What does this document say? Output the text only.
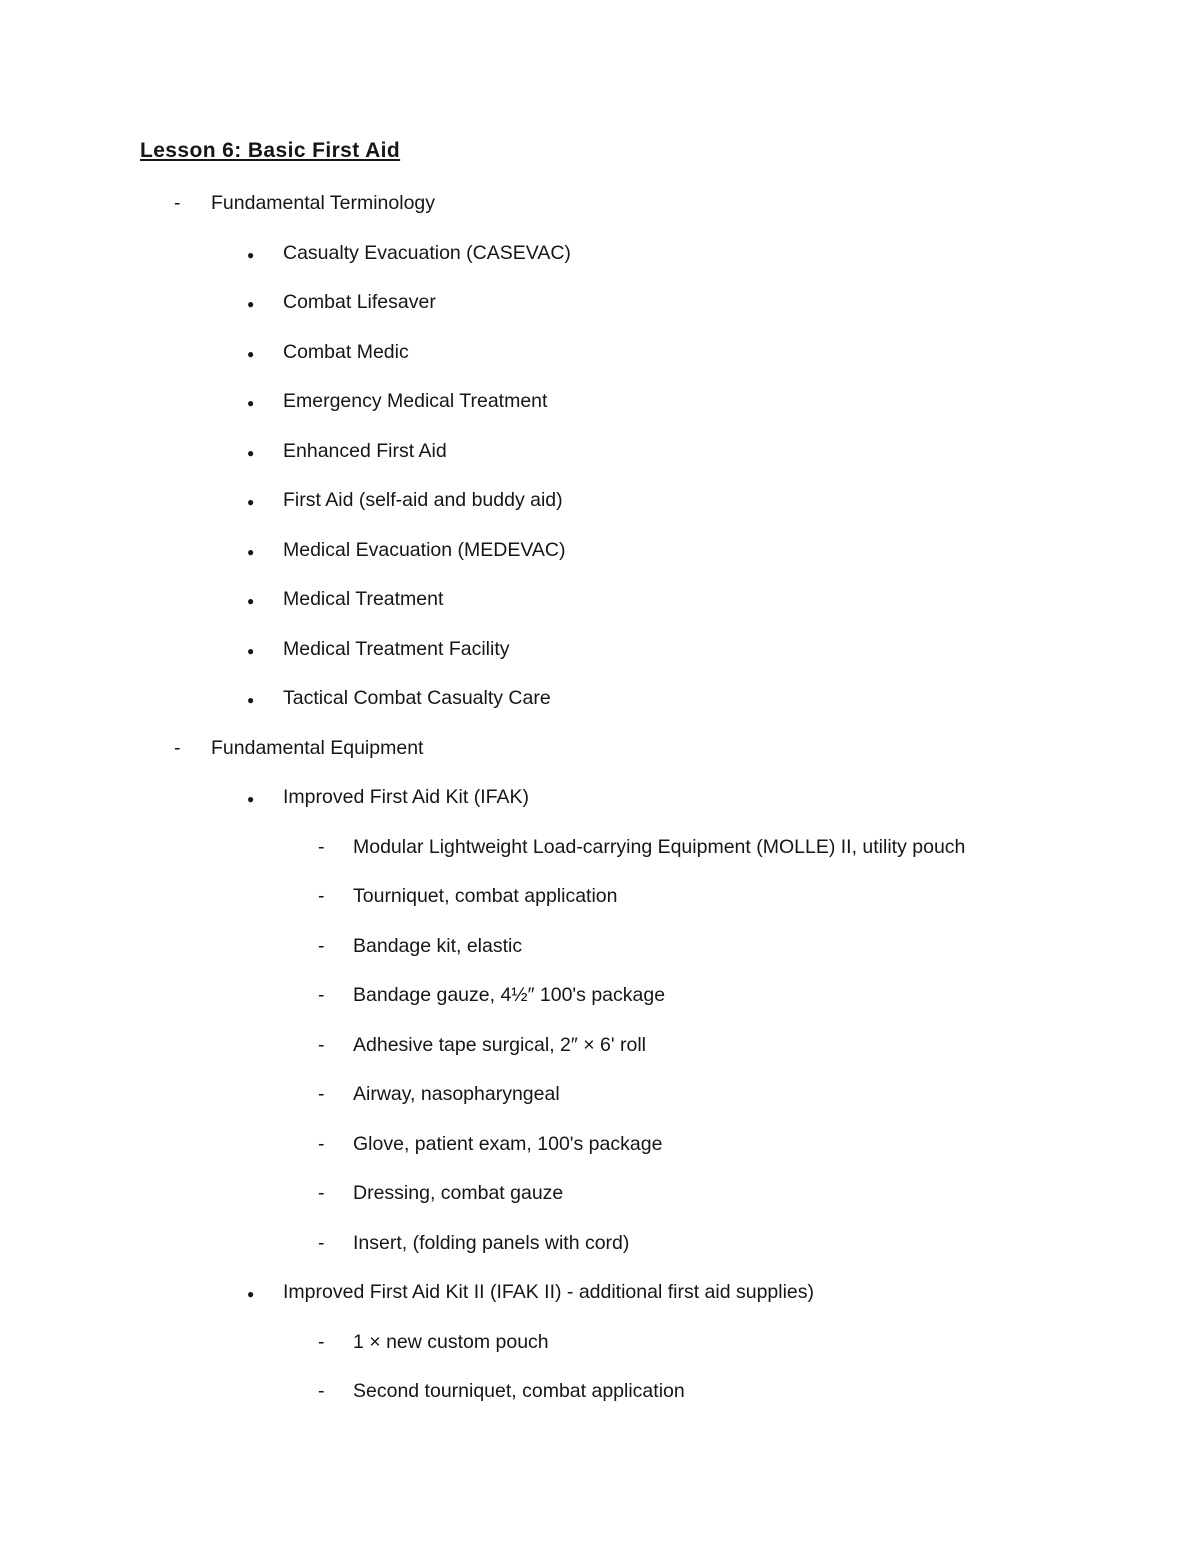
Lesson 6: Basic First Aid
-	Fundamental Terminology
●	Casualty Evacuation (CASEVAC)
●	Combat Lifesaver
●	Combat Medic
●	Emergency Medical Treatment
●	Enhanced First Aid
●	First Aid (self-aid and buddy aid)
●	Medical Evacuation (MEDEVAC)
●	Medical Treatment
●	Medical Treatment Facility
●	Tactical Combat Casualty Care
-	Fundamental Equipment
●	Improved First Aid Kit (IFAK)
-	Modular Lightweight Load-carrying Equipment (MOLLE) II, utility pouch
-	Tourniquet, combat application
-	Bandage kit, elastic
-	Bandage gauze, 4½″ 100's package
-	Adhesive tape surgical, 2″ × 6' roll
-	Airway, nasopharyngeal
-	Glove, patient exam, 100's package
-	Dressing, combat gauze
-	Insert, (folding panels with cord)
●	Improved First Aid Kit II (IFAK II) - additional first aid supplies)
-	1 × new custom pouch
-	Second tourniquet, combat application
